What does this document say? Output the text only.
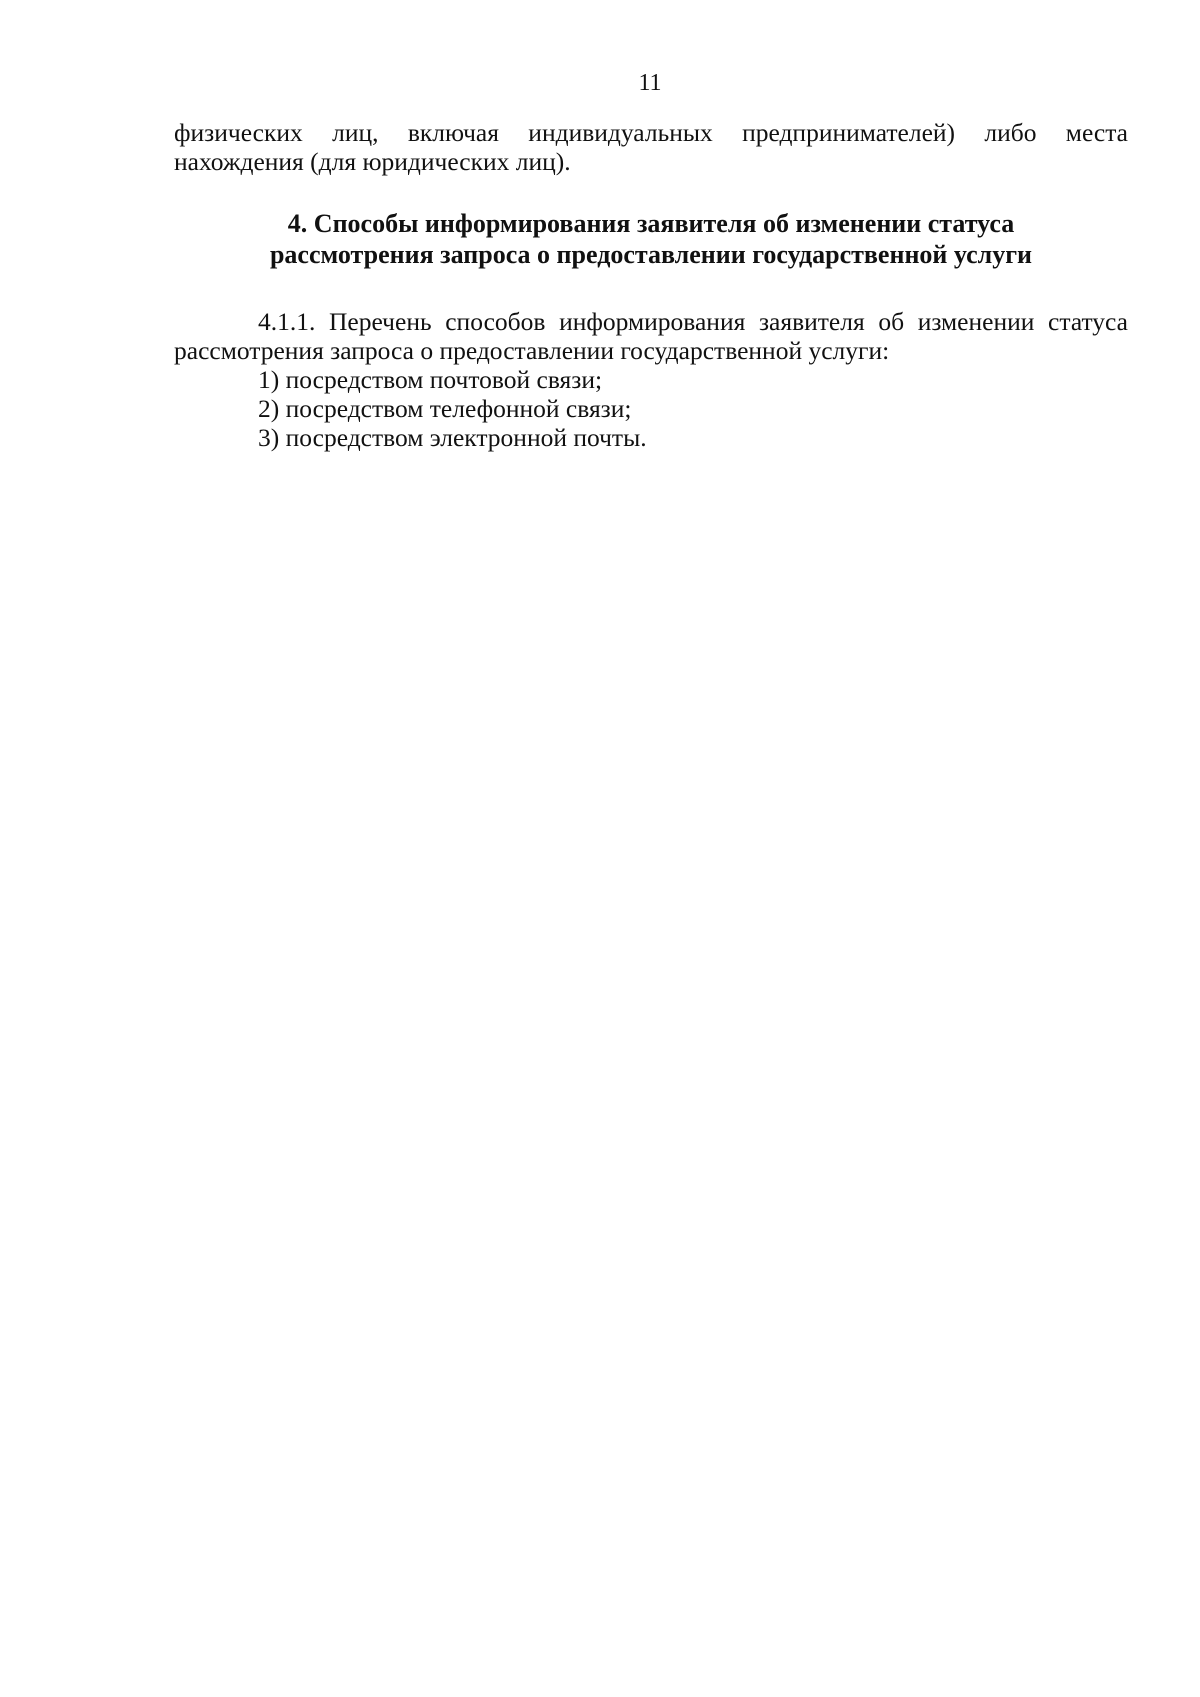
11
физических лиц, включая индивидуальных предпринимателей) либо места
нахождения (для юридических лиц).
4. Способы информирования заявителя об изменении статуса
рассмотрения запроса о предоставлении государственной услуги
4.1.1. Перечень способов информирования заявителя об изменении статуса
рассмотрения запроса о предоставлении государственной услуги:
1) посредством почтовой связи;
2) посредством телефонной связи;
3) посредством электронной почты.
